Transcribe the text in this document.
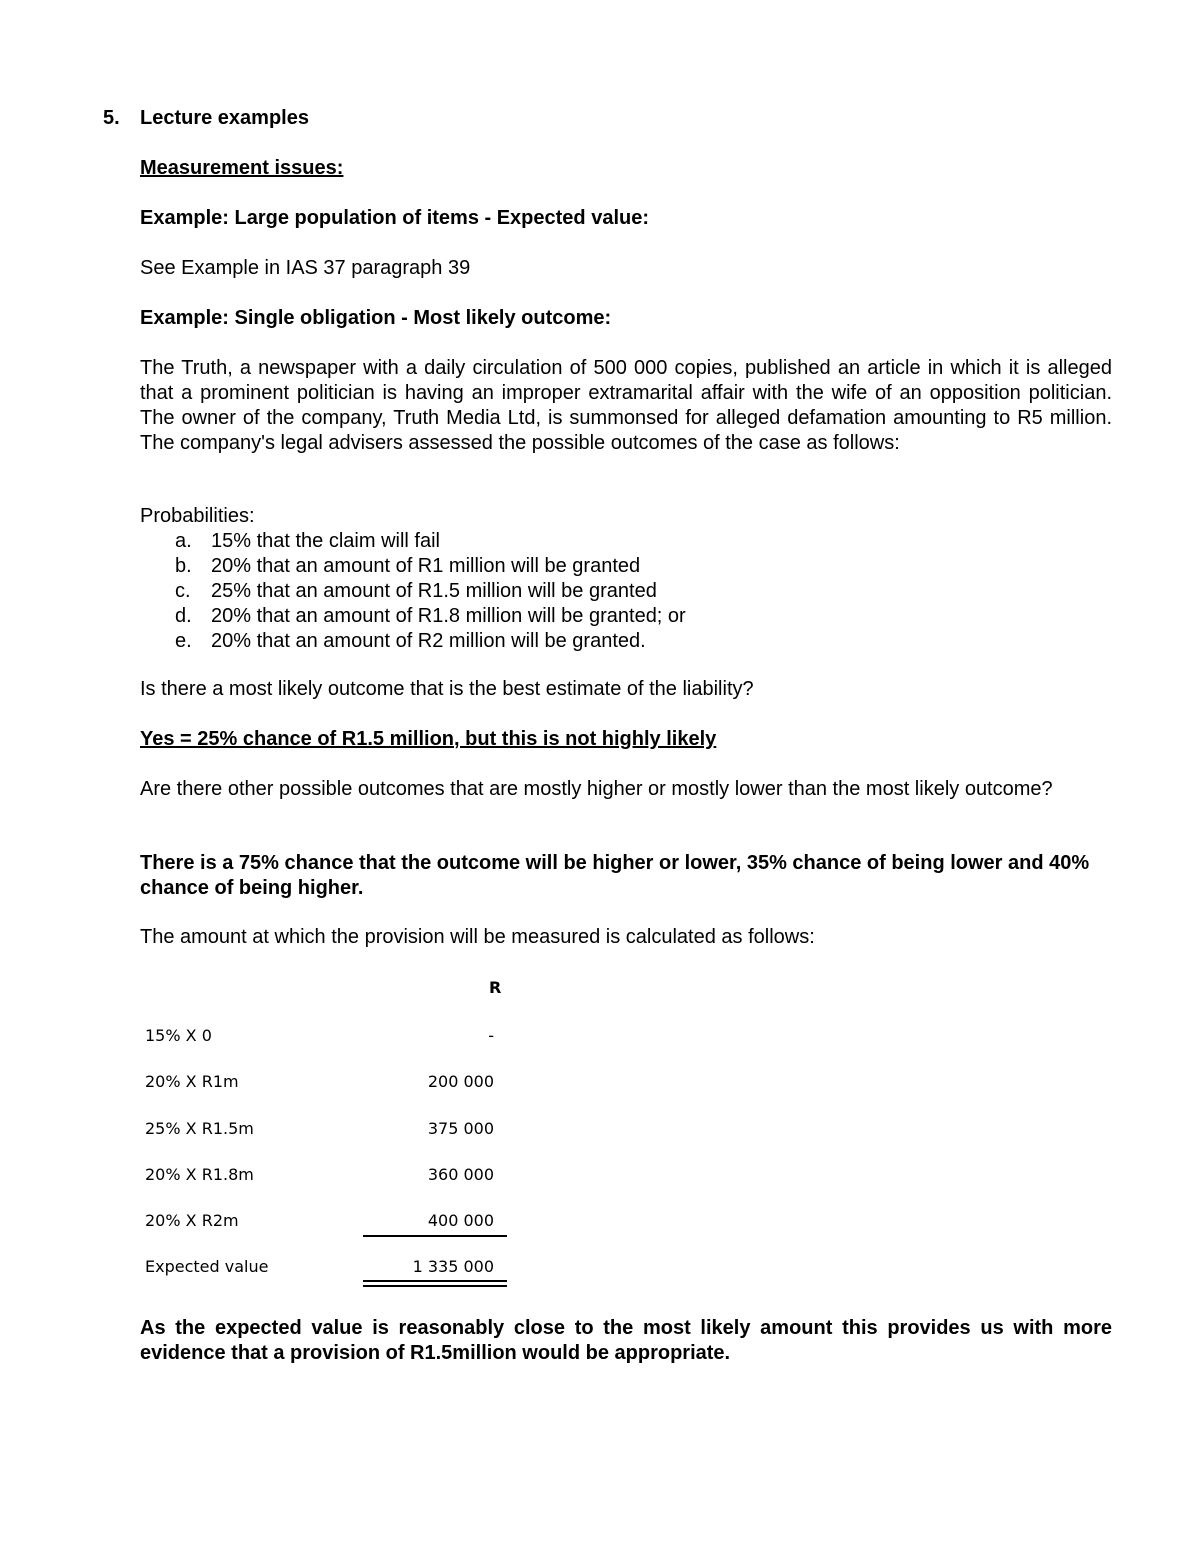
5. Lecture examples
Measurement issues:
Example: Large population of items - Expected value:
See Example in IAS 37 paragraph 39
Example: Single obligation - Most likely outcome:
The Truth, a newspaper with a daily circulation of 500 000 copies, published an article in which it is alleged that a prominent politician is having an improper extramarital affair with the wife of an opposition politician. The owner of the company, Truth Media Ltd, is summonsed for alleged defamation amounting to R5 million. The company's legal advisers assessed the possible outcomes of the case as follows:
Probabilities:
a. 15% that the claim will fail
b. 20% that an amount of R1 million will be granted
c. 25% that an amount of R1.5 million will be granted
d. 20% that an amount of R1.8 million will be granted; or
e. 20% that an amount of R2 million will be granted.
Is there a most likely outcome that is the best estimate of the liability?
Yes = 25% chance of R1.5 million, but this is not highly likely
Are there other possible outcomes that are mostly higher or mostly lower than the most likely outcome?
There is a 75% chance that the outcome will be higher or lower, 35% chance of being lower and 40% chance of being higher.
The amount at which the provision will be measured is calculated as follows:
R
15% X 0	-
20% X R1m	200 000
25% X R1.5m	375 000
20% X R1.8m	360 000
20% X R2m	400 000
Expected value	1 335 000
As the expected value is reasonably close to the most likely amount this provides us with more evidence that a provision of R1.5million would be appropriate.
